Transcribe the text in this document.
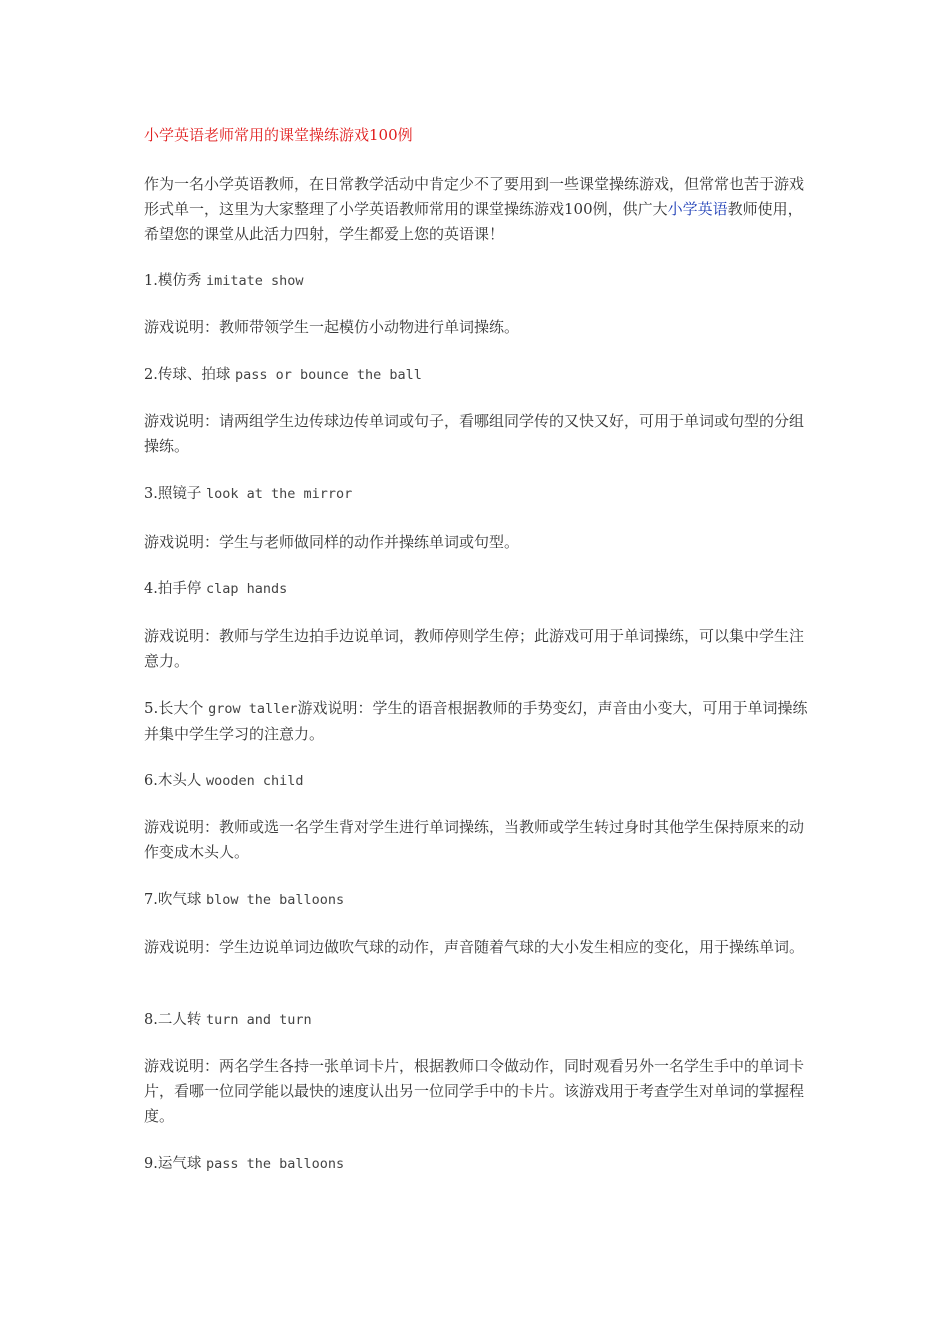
小学英语老师常用的课堂操练游戏100例

作为一名小学英语教师，在日常教学活动中肯定少不了要用到一些课堂操练游戏，但常常也苦于游戏形式单一，这里为大家整理了小学英语教师常用的课堂操练游戏100例，供广大小学英语教师使用，希望您的课堂从此活力四射，学生都爱上您的英语课！

1.模仿秀 imitate show

游戏说明：教师带领学生一起模仿小动物进行单词操练。

2.传球、拍球 pass or bounce the ball

游戏说明：请两组学生边传球边传单词或句子，看哪组同学传的又快又好，可用于单词或句型的分组操练。

3.照镜子 look at the mirror

游戏说明：学生与老师做同样的动作并操练单词或句型。

4.拍手停 clap hands

游戏说明：教师与学生边拍手边说单词，教师停则学生停；此游戏可用于单词操练，可以集中学生注意力。

5.长大个 grow taller游戏说明：学生的语音根据教师的手势变幻，声音由小变大，可用于单词操练并集中学生学习的注意力。

6.木头人 wooden child

游戏说明：教师或选一名学生背对学生进行单词操练，当教师或学生转过身时其他学生保持原来的动作变成木头人。

7.吹气球 blow the balloons

游戏说明：学生边说单词边做吹气球的动作，声音随着气球的大小发生相应的变化，用于操练单词。

8.二人转 turn and turn

游戏说明：两名学生各持一张单词卡片，根据教师口令做动作，同时观看另外一名学生手中的单词卡片，看哪一位同学能以最快的速度认出另一位同学手中的卡片。该游戏用于考查学生对单词的掌握程度。

9.运气球 pass the balloons
